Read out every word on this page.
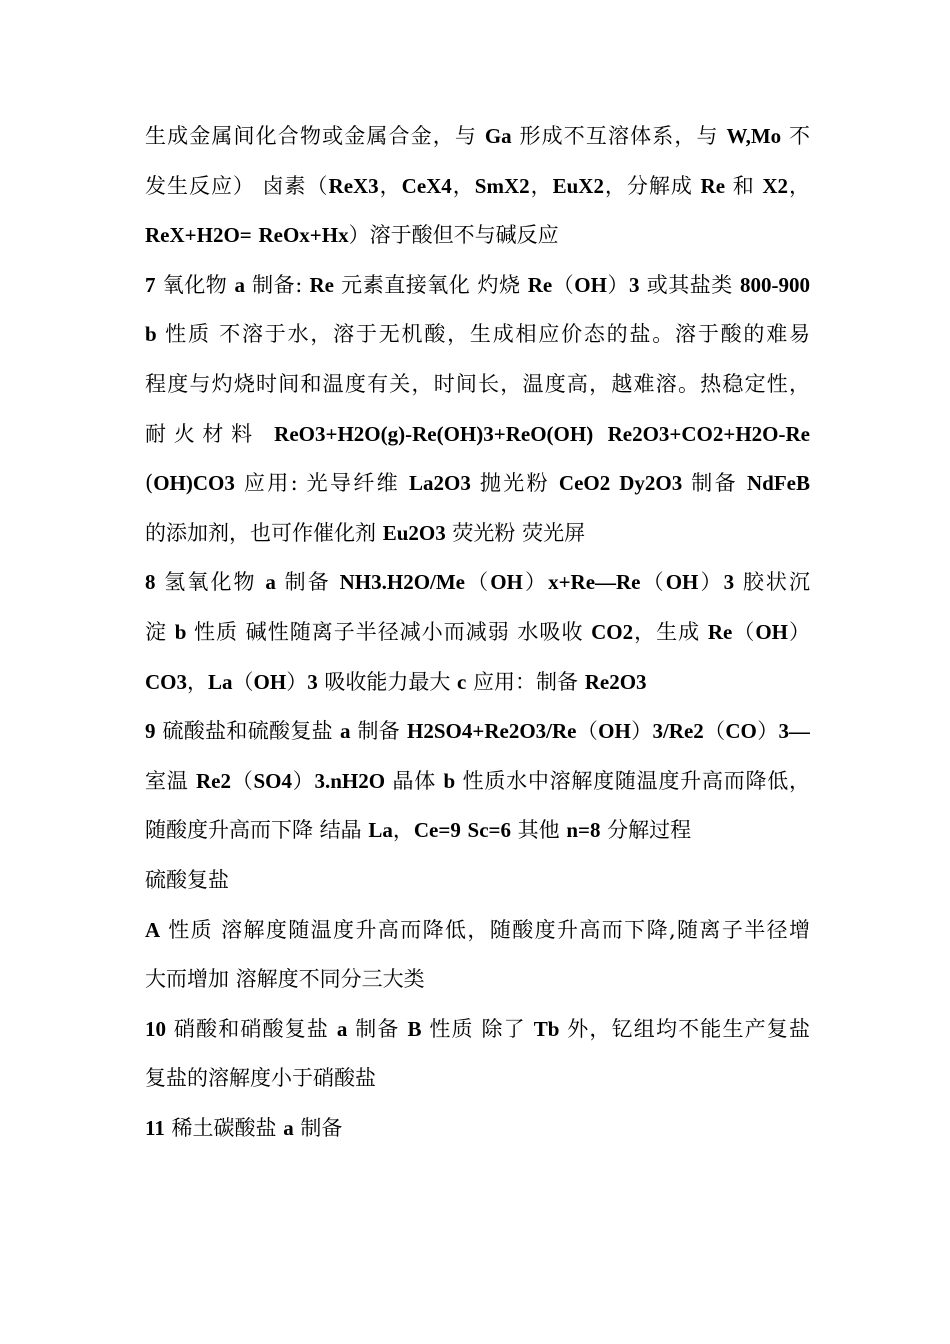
生成金属间化合物或金属合金，与 Ga 形成不互溶体系，与 W,Mo 不
发生反应） 卤素（ReX3，CeX4，SmX2，EuX2，分解成 Re 和 X2，
ReX+H2O= ReOx+Hx）溶于酸但不与碱反应
7 氧化物 a 制备: Re 元素直接氧化 灼烧 Re（OH）3 或其盐类 800-900
b 性质 不溶于水，溶于无机酸，生成相应价态的盐。溶于酸的难易
程度与灼烧时间和温度有关，时间长，温度高，越难溶。热稳定性，
耐火材料 ReO3+H2O(g)-Re(OH)3+ReO(OH) Re2O3+CO2+H2O-Re
(OH)CO3 应用: 光导纤维 La2O3 抛光粉 CeO2 Dy2O3 制备 NdFeB
的添加剂，也可作催化剂 Eu2O3 荧光粉 荧光屏
8 氢氧化物 a 制备 NH3.H2O/Me（OH）x+Re—Re（OH）3 胶状沉
淀 b 性质 碱性随离子半径减小而减弱 水吸收 CO2，生成 Re（OH）
CO3，La（OH）3 吸收能力最大 c 应用：制备 Re2O3
9 硫酸盐和硫酸复盐 a 制备 H2SO4+Re2O3/Re（OH）3/Re2（CO）3—
室温 Re2（SO4）3.nH2O 晶体 b 性质水中溶解度随温度升高而降低，
随酸度升高而下降 结晶 La，Ce=9 Sc=6 其他 n=8 分解过程
硫酸复盐
A 性质 溶解度随温度升高而降低，随酸度升高而下降,随离子半径增
大而增加 溶解度不同分三大类
10 硝酸和硝酸复盐 a 制备 B 性质 除了 Tb 外，钇组均不能生产复盐
复盐的溶解度小于硝酸盐
11 稀土碳酸盐 a 制备
